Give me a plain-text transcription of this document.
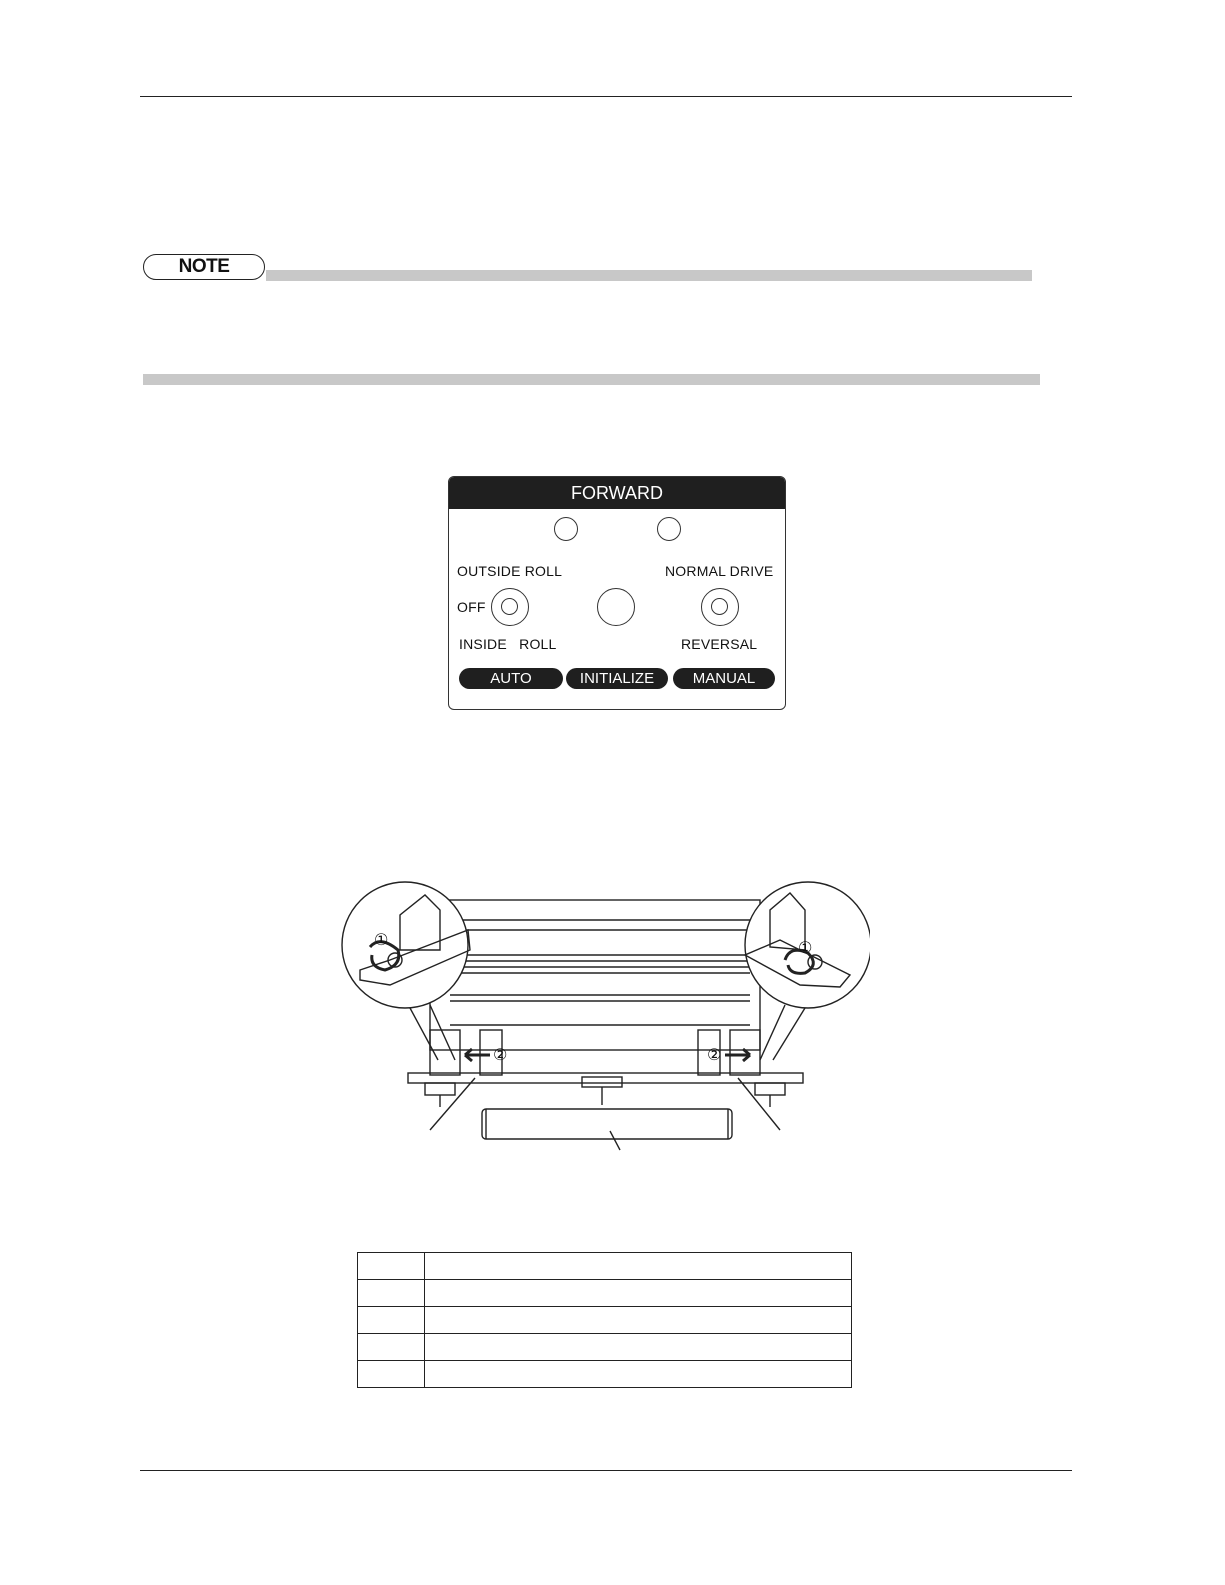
NOTE
FORWARD
OUTSIDE ROLL	NORMAL DRIVE
OFF
INSIDE   ROLL	REVERSAL
AUTO	INITIALIZE	MANUAL
①	①
②	②
